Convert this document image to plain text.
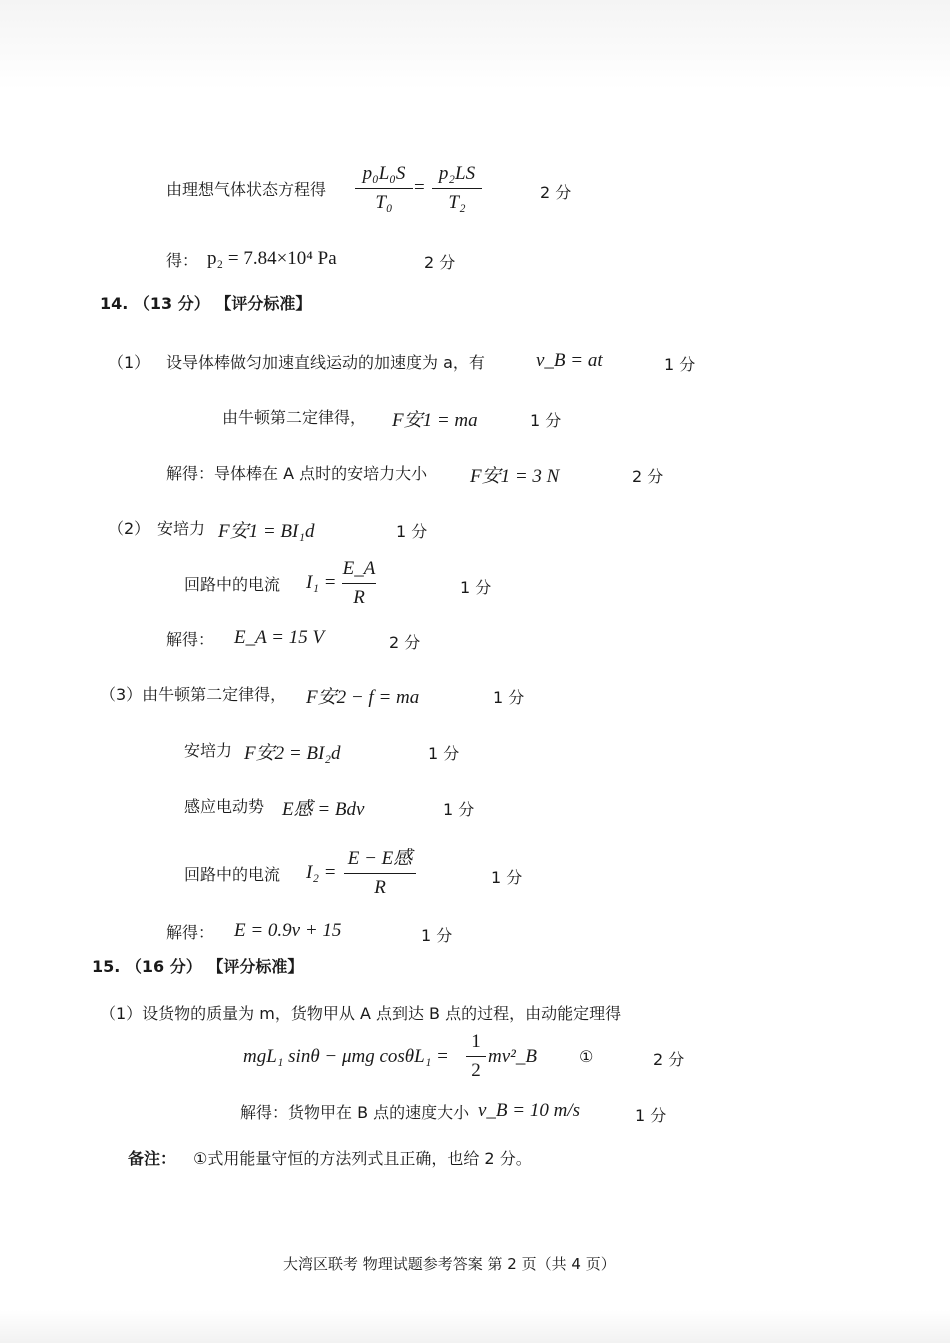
由理想气体状态方程得
p₀L₀S
T₀
=
p₂LS
T₂	2 分
得： p₂ = 7.84×10⁴ Pa	2 分
14. （13 分） 【评分标准】
（1） 设导体棒做匀加速直线运动的加速度为 a，有	v_B = at	1 分
由牛顿第二定律得， F安1 = ma	1 分
解得：导体棒在 A 点时的安培力大小 F安1 = 3 N	2 分
（2） 安培力 F安1 = BI₁d	1 分
回路中的电流 I₁ =
E_A
R	1 分
解得： E_A = 15 V	2 分
（3）由牛顿第二定律得， F安2 − f = ma	1 分
安培力 F安2 = BI₂d	1 分
感应电动势 E感 = Bdv	1 分
回路中的电流 I₂ =
E − E感
R	1 分
解得： E = 0.9v + 15	1 分
15. （16 分） 【评分标准】
（1）设货物的质量为 m，货物甲从 A 点到达 B 点的过程，由动能定理得
mgL₁ sinθ − μmg cosθL₁ =
1
2
mv²_B	①	2 分
解得：货物甲在 B 点的速度大小 v_B = 10 m/s	1 分
备注： ①式用能量守恒的方法列式且正确，也给 2 分。
大湾区联考 物理试题参考答案 第 2 页（共 4 页）
